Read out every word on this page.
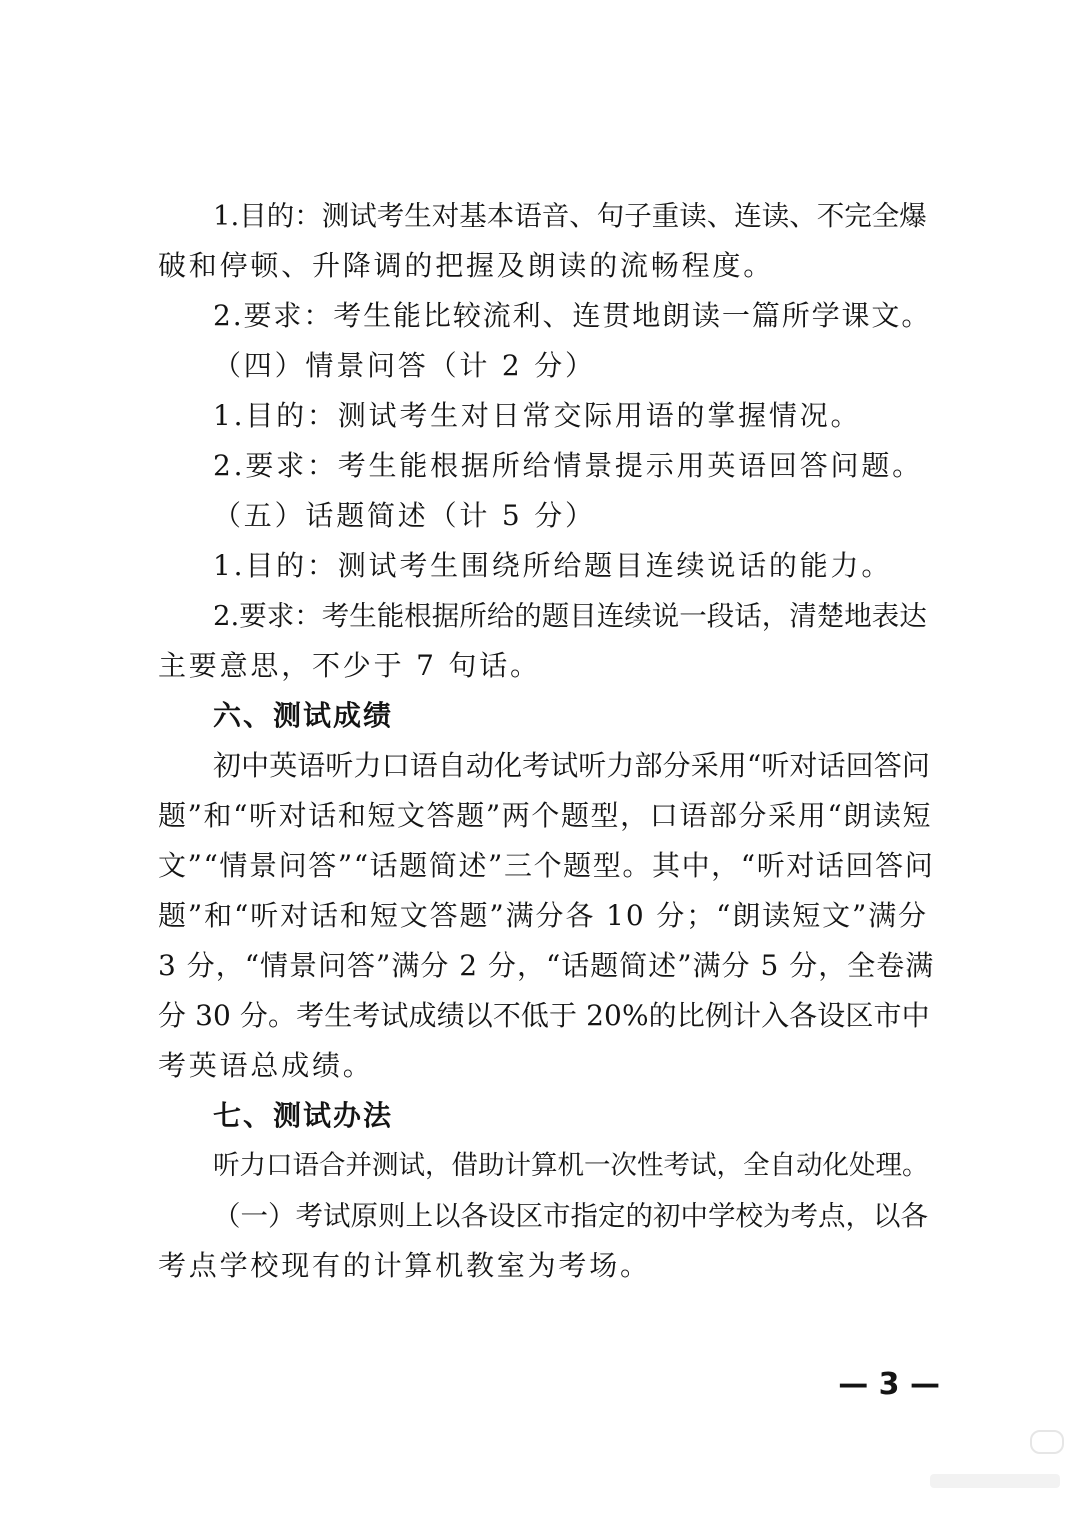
1.目的：测试考生对基本语音、句子重读、连读、不完全爆
破和停顿、升降调的把握及朗读的流畅程度。
2.要求：考生能比较流利、连贯地朗读一篇所学课文。
（四）情景问答（计 2 分）
1.目的：测试考生对日常交际用语的掌握情况。
2.要求：考生能根据所给情景提示用英语回答问题。
（五）话题简述（计 5 分）
1.目的：测试考生围绕所给题目连续说话的能力。
2.要求：考生能根据所给的题目连续说一段话，清楚地表达
主要意思，不少于 7 句话。
六、测试成绩
初中英语听力口语自动化考试听力部分采用“听对话回答问
题”和“听对话和短文答题”两个题型，口语部分采用“朗读短
文”“情景问答”“话题简述”三个题型。其中，“听对话回答问
题”和“听对话和短文答题”满分各 10 分；“朗读短文”满分
3 分，“情景问答”满分 2 分，“话题简述”满分 5 分，全卷满
分 30 分。考生考试成绩以不低于 20%的比例计入各设区市中
考英语总成绩。
七、测试办法
听力口语合并测试，借助计算机一次性考试，全自动化处理。
（一）考试原则上以各设区市指定的初中学校为考点，以各
考点学校现有的计算机教室为考场。
— 3 —
